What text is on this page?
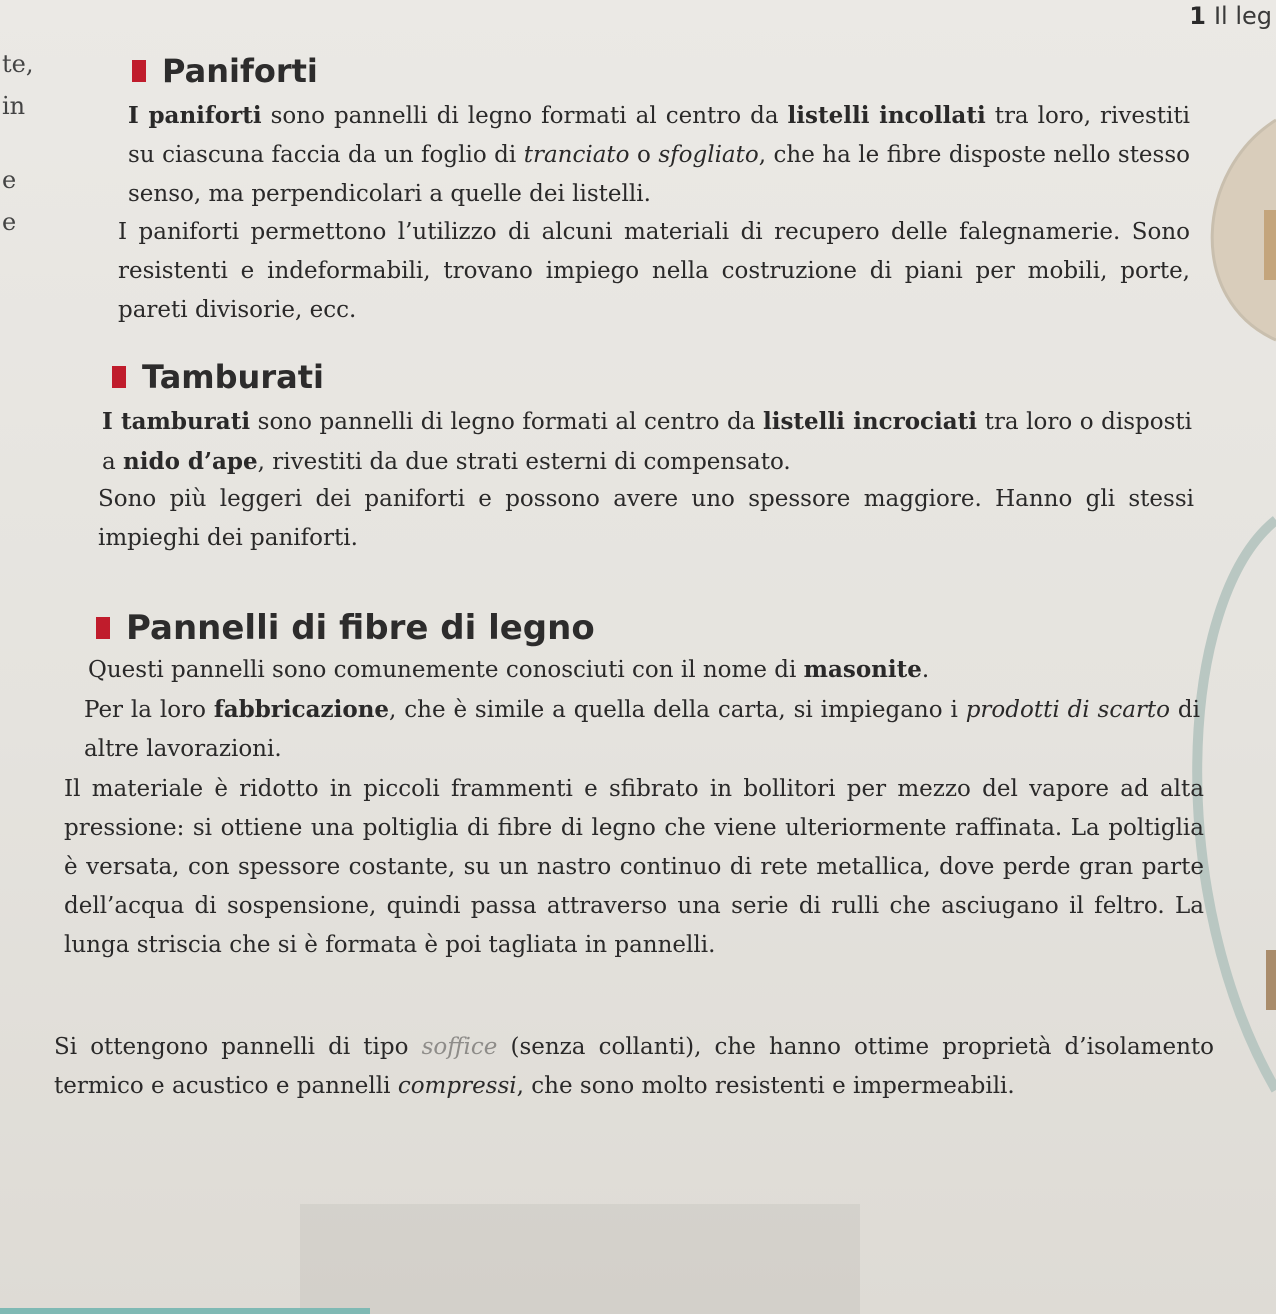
1 Il leg
te,
in
e
e
Paniforti
I paniforti sono pannelli di legno formati al centro da listelli incollati tra loro, rivestiti su ciascuna faccia da un foglio di tranciato o sfogliato, che ha le fibre disposte nello stesso senso, ma perpendicolari a quelle dei listelli.
I paniforti permettono l’utilizzo di alcuni materiali di recupero delle falegnamerie. Sono resistenti e indeformabili, trovano impiego nella costruzione di piani per mobili, porte, pareti divisorie, ecc.
Tamburati
I tamburati sono pannelli di legno formati al centro da listelli incrociati tra loro o disposti a nido d’ape, rivestiti da due strati esterni di compensato.
Sono più leggeri dei paniforti e possono avere uno spessore maggiore. Hanno gli stessi impieghi dei paniforti.
Pannelli di fibre di legno
Questi pannelli sono comunemente conosciuti con il nome di masonite.
Per la loro fabbricazione, che è simile a quella della carta, si impiegano i prodotti di scarto di altre lavorazioni.
Il materiale è ridotto in piccoli frammenti e sfibrato in bollitori per mezzo del vapore ad alta pressione: si ottiene una poltiglia di fibre di legno che viene ulteriormente raffinata. La poltiglia è versata, con spessore costante, su un nastro continuo di rete metallica, dove perde gran parte dell’acqua di sospensione, quindi passa attraverso una serie di rulli che asciugano il feltro. La lunga striscia che si è formata è poi tagliata in pannelli.
Si ottengono pannelli di tipo soffice (senza collanti), che hanno ottime proprietà d’isolamento termico e acustico e pannelli compressi, che sono molto resistenti e impermeabili.
